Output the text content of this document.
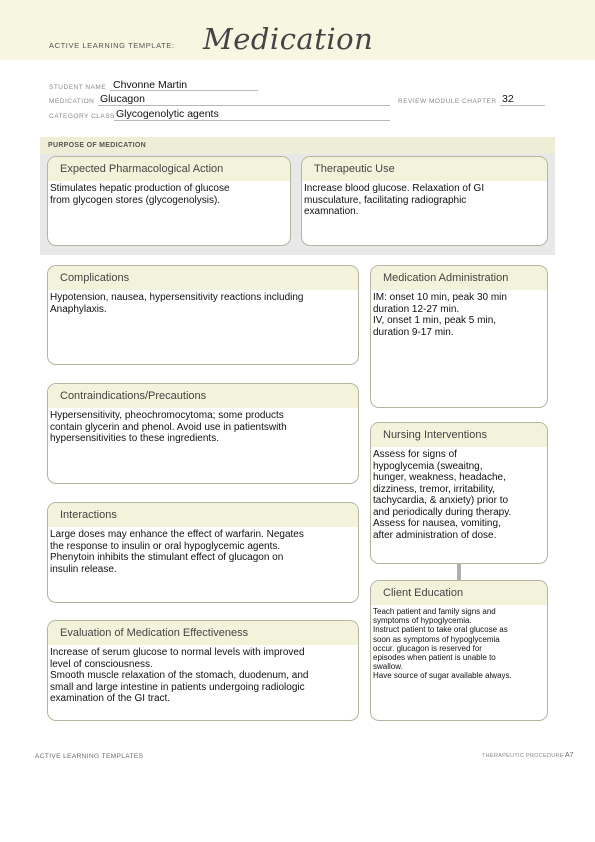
ACTIVE LEARNING TEMPLATE: Medication
STUDENT NAME Chvonne Martin
MEDICATION Glucagon	REVIEW MODULE CHAPTER 32
CATEGORY CLASS Glycogenolytic agents
PURPOSE OF MEDICATION
Expected Pharmacological Action
Stimulates hepatic production of glucose
from glycogen stores (glycogenolysis).
Therapeutic Use
Increase blood glucose. Relaxation of GI
musculature, facilitating radiographic
examnation.
Complications
Hypotension, nausea, hypersensitivity reactions including
Anaphylaxis.
Contraindications/Precautions
Hypersensitivity, pheochromocytoma; some products
contain glycerin and phenol. Avoid use in patientswith
hypersensitivities to these ingredients.
Interactions
Large doses may enhance the effect of warfarin. Negates
the response to insulin or oral hypoglycemic agents.
Phenytoin inhibits the stimulant effect of glucagon on
insulin release.
Evaluation of Medication Effectiveness
Increase of serum glucose to normal levels with improved
level of consciousness.
Smooth muscle relaxation of the stomach, duodenum, and
small and large intestine in patients undergoing radiologic
examination of the GI tract.
Medication Administration
IM: onset 10 min, peak 30 min
duration 12-27 min.
IV, onset 1 min, peak 5 min,
duration 9-17 min.
Nursing Interventions
Assess for signs of
hypoglycemia (sweaitng,
hunger, weakness, headache,
dizziness, tremor, irritability,
tachycardia, & anxiety) prior to
and periodically during therapy.
Assess for nausea, vomiting,
after administration of dose.
Client Education
Teach patient and family signs and
symptoms of hypoglycemia.
Instruct patient to take oral glucose as
soon as symptoms of hypoglycemia
occur. glucagon is reserved for
episodes when patient is unable to
swallow.
Have source of sugar available always.
ACTIVE LEARNING TEMPLATES	THERAPEUTIC PROCEDURE A7
